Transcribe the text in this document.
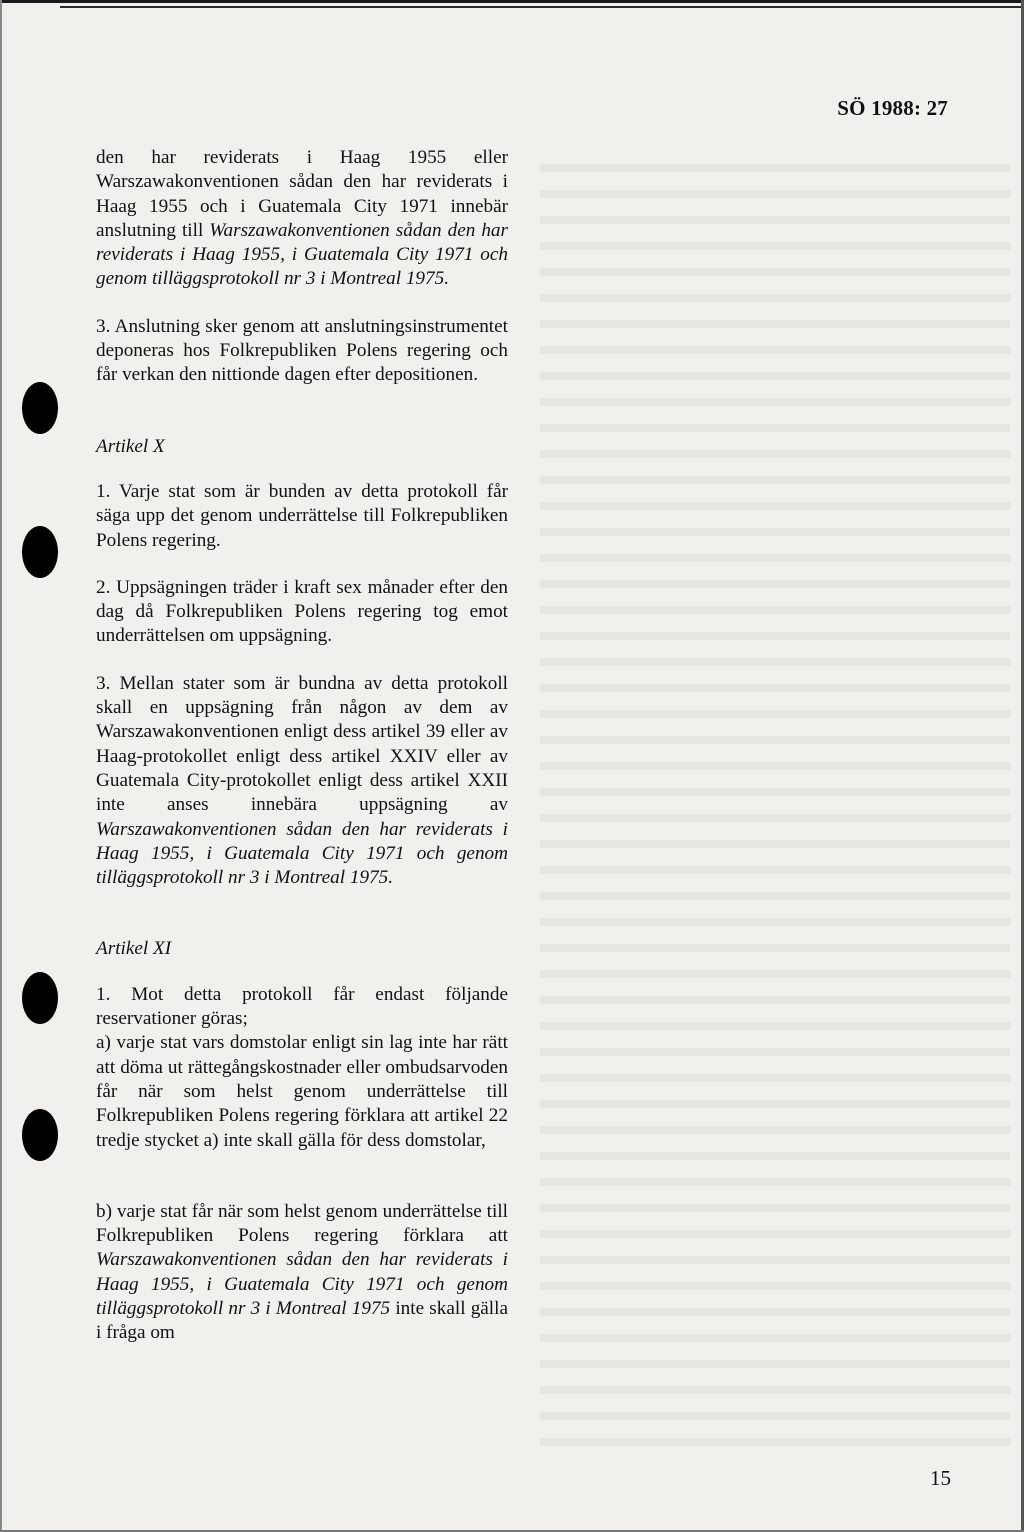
SÖ 1988: 27

den har reviderats i Haag 1955 eller Warszawakonventionen sådan den har reviderats i Haag 1955 och i Guatemala City 1971 innebär anslutning till Warszawakonventionen sådan den har reviderats i Haag 1955, i Guatemala City 1971 och genom tilläggsprotokoll nr 3 i Montreal 1975.

3. Anslutning sker genom att anslutningsinstrumentet deponeras hos Folkrepubliken Polens regering och får verkan den nittionde dagen efter depositionen.

Artikel X

1. Varje stat som är bunden av detta protokoll får säga upp det genom underrättelse till Folkrepubliken Polens regering.

2. Uppsägningen träder i kraft sex månader efter den dag då Folkrepubliken Polens regering tog emot underrättelsen om uppsägning.

3. Mellan stater som är bundna av detta protokoll skall en uppsägning från någon av dem av Warszawakonventionen enligt dess artikel 39 eller av Haag-protokollet enligt dess artikel XXIV eller av Guatemala City-protokollet enligt dess artikel XXII inte anses innebära uppsägning av Warszawakonventionen sådan den har reviderats i Haag 1955, i Guatemala City 1971 och genom tilläggsprotokoll nr 3 i Montreal 1975.

Artikel XI

1. Mot detta protokoll får endast följande reservationer göras;

a) varje stat vars domstolar enligt sin lag inte har rätt att döma ut rättegångskostnader eller ombudsarvoden får när som helst genom underrättelse till Folkrepubliken Polens regering förklara att artikel 22 tredje stycket a) inte skall gälla för dess domstolar,

b) varje stat får när som helst genom underrättelse till Folkrepubliken Polens regering förklara att Warszawakonventionen sådan den har reviderats i Haag 1955, i Guatemala City 1971 och genom tilläggsprotokoll nr 3 i Montreal 1975 inte skall gälla i fråga om

15
